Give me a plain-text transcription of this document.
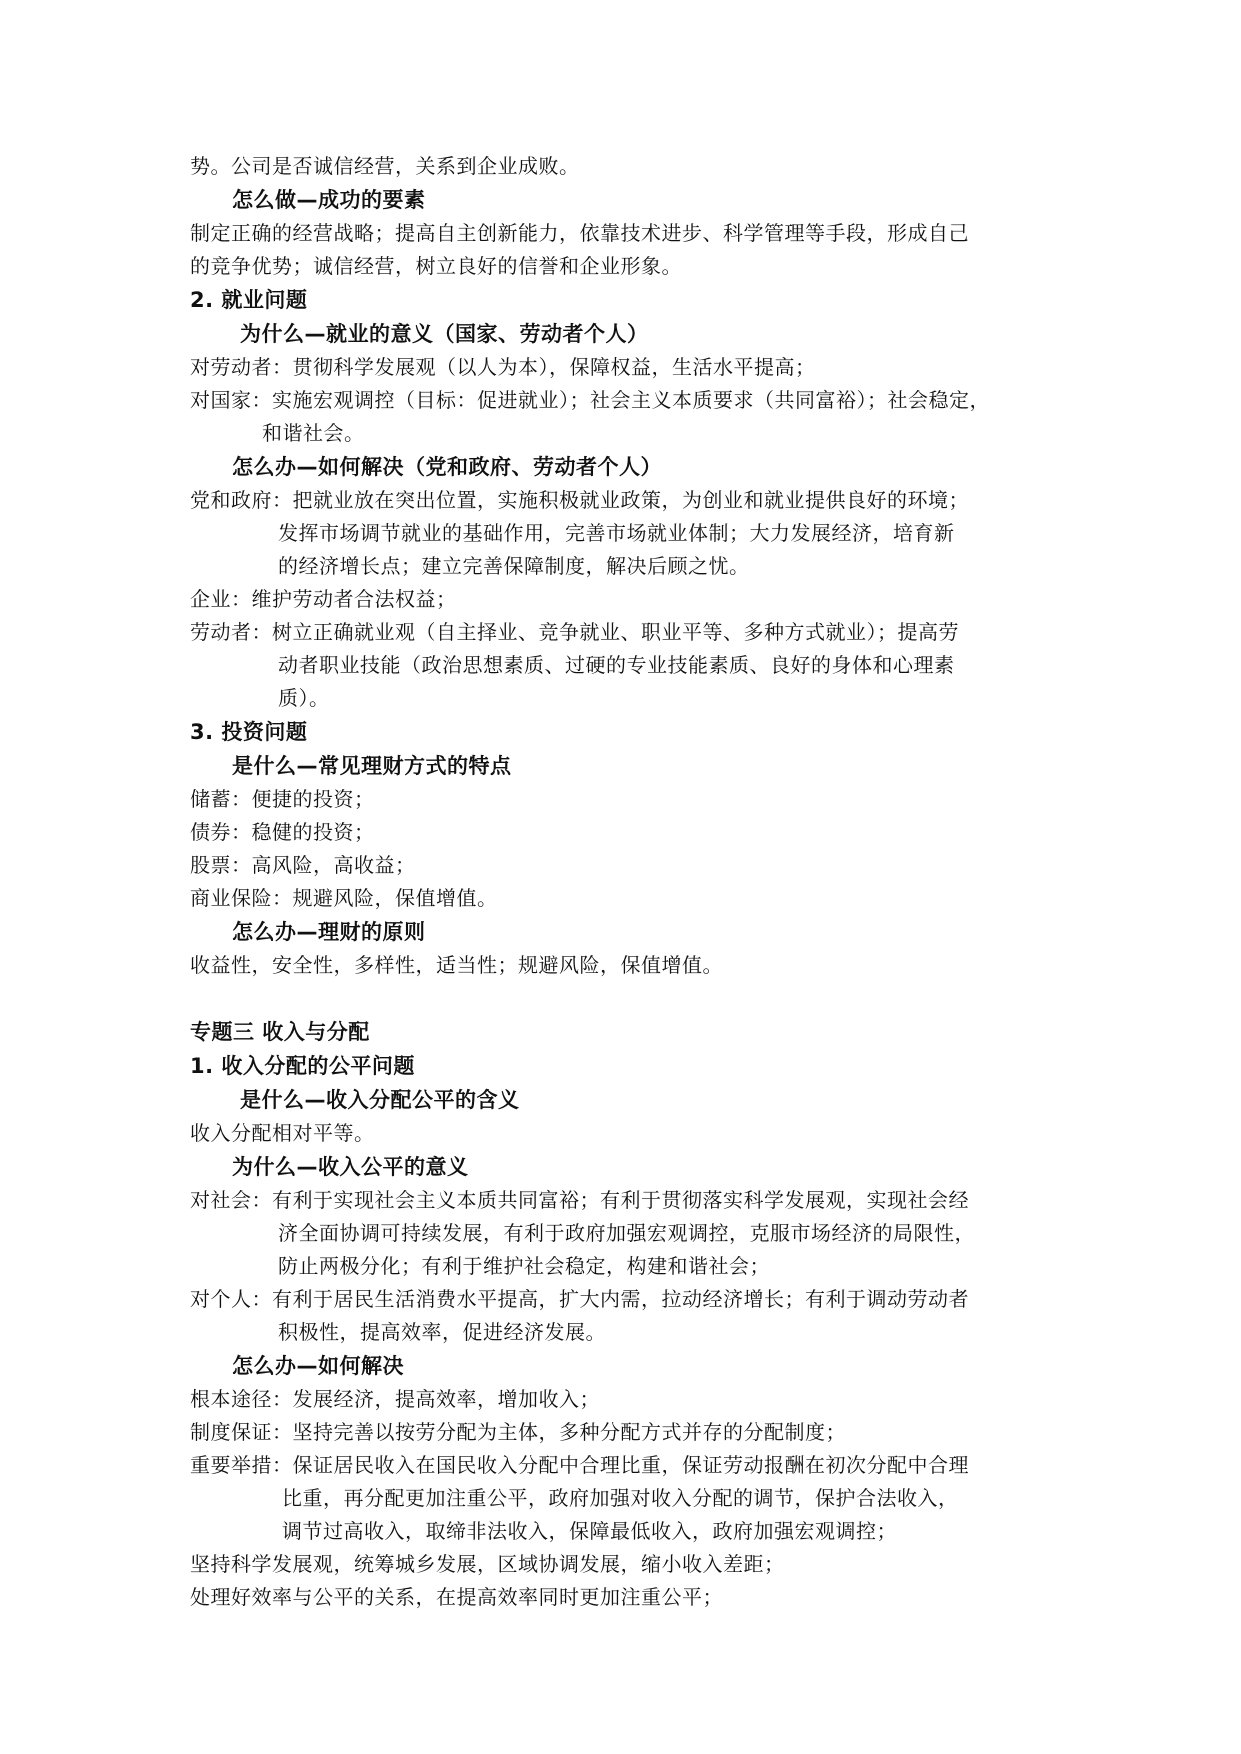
势。公司是否诚信经营，关系到企业成败。
怎么做—成功的要素
制定正确的经营战略；提高自主创新能力，依靠技术进步、科学管理等手段，形成自己
的竞争优势；诚信经营，树立良好的信誉和企业形象。
2. 就业问题
为什么—就业的意义（国家、劳动者个人）
对劳动者：贯彻科学发展观（以人为本），保障权益，生活水平提高；
对国家：实施宏观调控（目标：促进就业）；社会主义本质要求（共同富裕）；社会稳定，
和谐社会。
怎么办—如何解决（党和政府、劳动者个人）
党和政府：把就业放在突出位置，实施积极就业政策，为创业和就业提供良好的环境；
发挥市场调节就业的基础作用，完善市场就业体制；大力发展经济，培育新
的经济增长点；建立完善保障制度，解决后顾之忧。
企业：维护劳动者合法权益；
劳动者：树立正确就业观（自主择业、竞争就业、职业平等、多种方式就业）；提高劳
动者职业技能（政治思想素质、过硬的专业技能素质、良好的身体和心理素
质）。
3. 投资问题
是什么—常见理财方式的特点
储蓄：便捷的投资；
债券：稳健的投资；
股票：高风险，高收益；
商业保险：规避风险，保值增值。
怎么办—理财的原则
收益性，安全性，多样性，适当性；规避风险，保值增值。
专题三 收入与分配
1. 收入分配的公平问题
是什么—收入分配公平的含义
收入分配相对平等。
为什么—收入公平的意义
对社会：有利于实现社会主义本质共同富裕；有利于贯彻落实科学发展观，实现社会经
济全面协调可持续发展，有利于政府加强宏观调控，克服市场经济的局限性，
防止两极分化；有利于维护社会稳定，构建和谐社会；
对个人：有利于居民生活消费水平提高，扩大内需，拉动经济增长；有利于调动劳动者
积极性，提高效率，促进经济发展。
怎么办—如何解决
根本途径：发展经济，提高效率，增加收入；
制度保证：坚持完善以按劳分配为主体，多种分配方式并存的分配制度；
重要举措：保证居民收入在国民收入分配中合理比重，保证劳动报酬在初次分配中合理
比重，再分配更加注重公平，政府加强对收入分配的调节，保护合法收入，
调节过高收入，取缔非法收入，保障最低收入，政府加强宏观调控；
坚持科学发展观，统筹城乡发展，区域协调发展，缩小收入差距；
处理好效率与公平的关系，在提高效率同时更加注重公平；
